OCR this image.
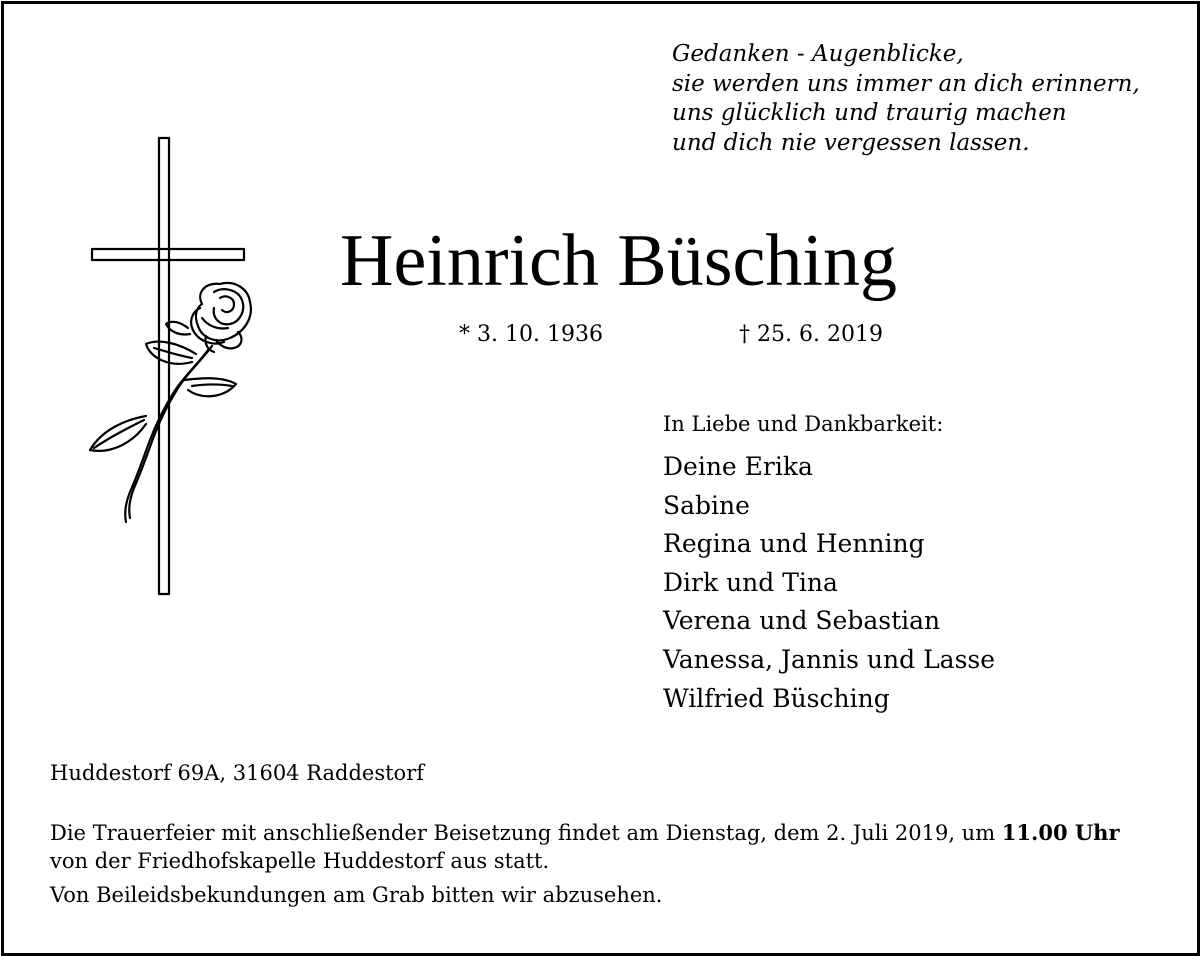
Gedanken - Augenblicke,
sie werden uns immer an dich erinnern,
uns glücklich und traurig machen
und dich nie vergessen lassen.
Heinrich Büsching
* 3. 10. 1936	† 25. 6. 2019
In Liebe und Dankbarkeit:
Deine Erika
Sabine
Regina und Henning
Dirk und Tina
Verena und Sebastian
Vanessa, Jannis und Lasse
Wilfried Büsching
Huddestorf 69A, 31604 Raddestorf
Die Trauerfeier mit anschließender Beisetzung findet am Dienstag, dem 2. Juli 2019, um 11.00 Uhr von der Friedhofskapelle Huddestorf aus statt.
Von Beileidsbekundungen am Grab bitten wir abzusehen.
